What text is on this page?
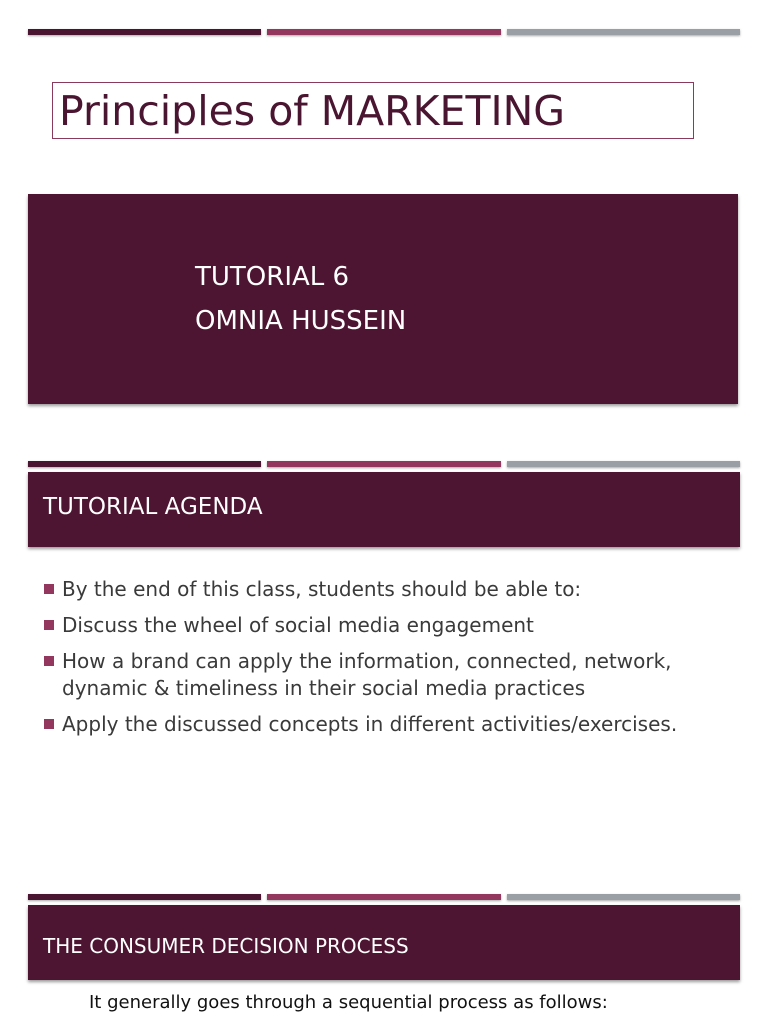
Principles of MARKETING
TUTORIAL 6
OMNIA HUSSEIN
TUTORIAL AGENDA
By the end of this class, students should be able to:
Discuss the wheel of social media engagement
How a brand can apply the information, connected, network, dynamic & timeliness in their social media practices
Apply the discussed concepts in different activities/exercises.
THE CONSUMER DECISION PROCESS
It generally goes through a sequential process as follows:
